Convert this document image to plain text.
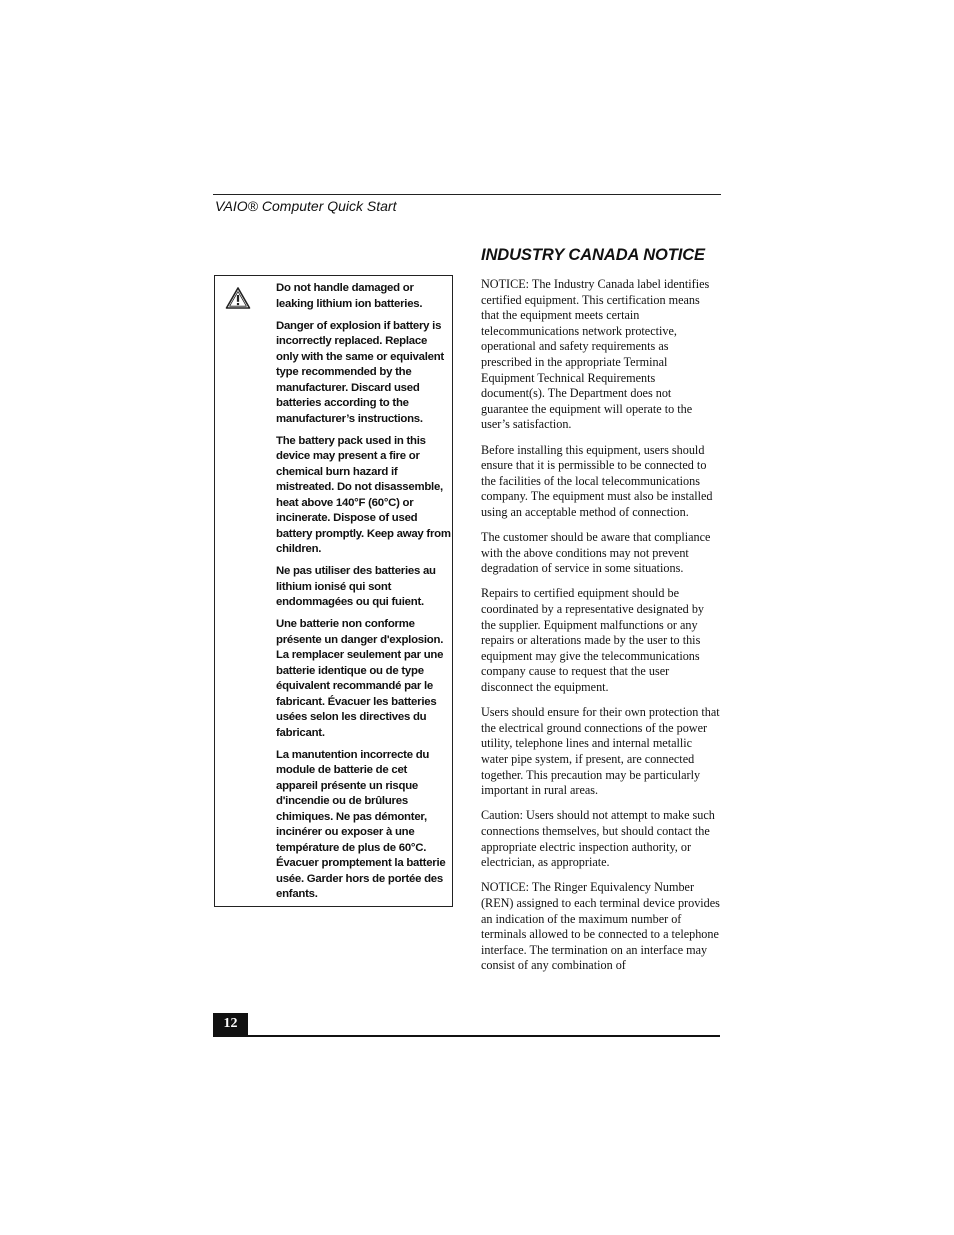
VAIO® Computer Quick Start

Do not handle damaged or leaking lithium ion batteries.

Danger of explosion if battery is incorrectly replaced. Replace only with the same or equivalent type recommended by the manufacturer. Discard used batteries according to the manufacturer’s instructions.

The battery pack used in this device may present a fire or chemical burn hazard if mistreated. Do not disassemble, heat above 140°F (60°C) or incinerate. Dispose of used battery promptly. Keep away from children.

Ne pas utiliser des batteries au lithium ionisé qui sont endommagées ou qui fuient.

Une batterie non conforme présente un danger d'explosion. La remplacer seulement par une batterie identique ou de type équivalent recommandé par le fabricant. Évacuer les batteries usées selon les directives du fabricant.

La manutention incorrecte du module de batterie de cet appareil présente un risque d'incendie ou de brûlures chimiques. Ne pas démonter, incinérer ou exposer à une température de plus de 60°C. Évacuer promptement la batterie usée. Garder hors de portée des enfants.

INDUSTRY CANADA NOTICE

NOTICE: The Industry Canada label identifies certified equipment. This certification means that the equipment meets certain telecommunications network protective, operational and safety requirements as prescribed in the appropriate Terminal Equipment Technical Requirements document(s). The Department does not guarantee the equipment will operate to the user’s satisfaction.

Before installing this equipment, users should ensure that it is permissible to be connected to the facilities of the local telecommunications company. The equipment must also be installed using an acceptable method of connection.

The customer should be aware that compliance with the above conditions may not prevent degradation of service in some situations.

Repairs to certified equipment should be coordinated by a representative designated by the supplier. Equipment malfunctions or any repairs or alterations made by the user to this equipment may give the telecommunications company cause to request that the user disconnect the equipment.

Users should ensure for their own protection that the electrical ground connections of the power utility, telephone lines and internal metallic water pipe system, if present, are connected together. This precaution may be particularly important in rural areas.

Caution: Users should not attempt to make such connections themselves, but should contact the appropriate electric inspection authority, or electrician, as appropriate.

NOTICE: The Ringer Equivalency Number (REN) assigned to each terminal device provides an indication of the maximum number of terminals allowed to be connected to a telephone interface. The termination on an interface may consist of any combination of

12
